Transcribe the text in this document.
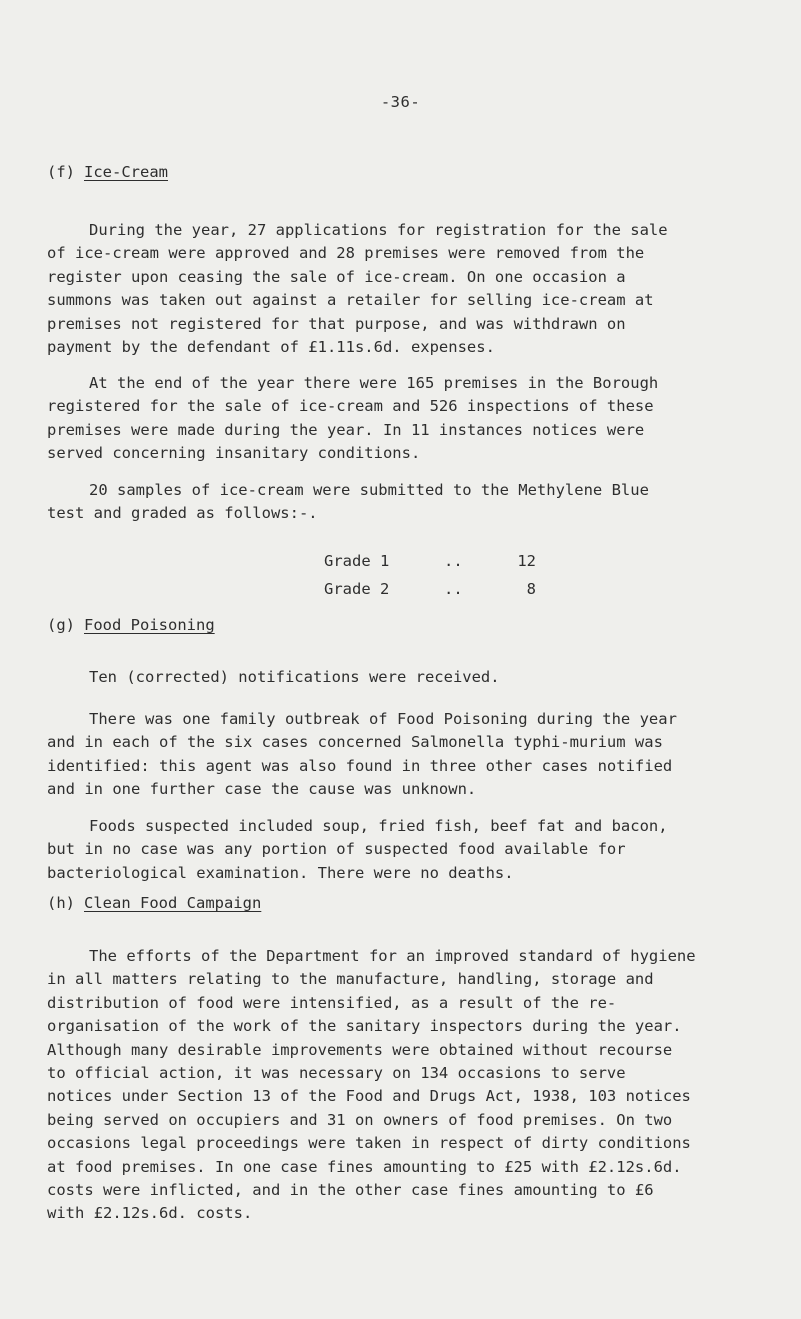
-36-
(f) Ice-Cream
During the year, 27 applications for registration for the sale
of ice-cream were approved and 28 premises were removed from the
register upon ceasing the sale of ice-cream. On one occasion a
summons was taken out against a retailer for selling ice-cream at
premises not registered for that purpose, and was withdrawn on
payment by the defendant of £1.11s.6d. expenses.
At the end of the year there were 165 premises in the Borough
registered for the sale of ice-cream and 526 inspections of these
premises were made during the year. In 11 instances notices were
served concerning insanitary conditions.
20 samples of ice-cream were submitted to the Methylene Blue
test and graded as follows:-.
Grade 1	..	12
Grade 2	..	8
(g) Food Poisoning
Ten (corrected) notifications were received.
There was one family outbreak of Food Poisoning during the year
and in each of the six cases concerned Salmonella typhi-murium was
identified: this agent was also found in three other cases notified
and in one further case the cause was unknown.
Foods suspected included soup, fried fish, beef fat and bacon,
but in no case was any portion of suspected food available for
bacteriological examination. There were no deaths.
(h) Clean Food Campaign
The efforts of the Department for an improved standard of hygiene
in all matters relating to the manufacture, handling, storage and
distribution of food were intensified, as a result of the re-
organisation of the work of the sanitary inspectors during the year.
Although many desirable improvements were obtained without recourse
to official action, it was necessary on 134 occasions to serve
notices under Section 13 of the Food and Drugs Act, 1938, 103 notices
being served on occupiers and 31 on owners of food premises. On two
occasions legal proceedings were taken in respect of dirty conditions
at food premises. In one case fines amounting to £25 with £2.12s.6d.
costs were inflicted, and in the other case fines amounting to £6
with £2.12s.6d. costs.
